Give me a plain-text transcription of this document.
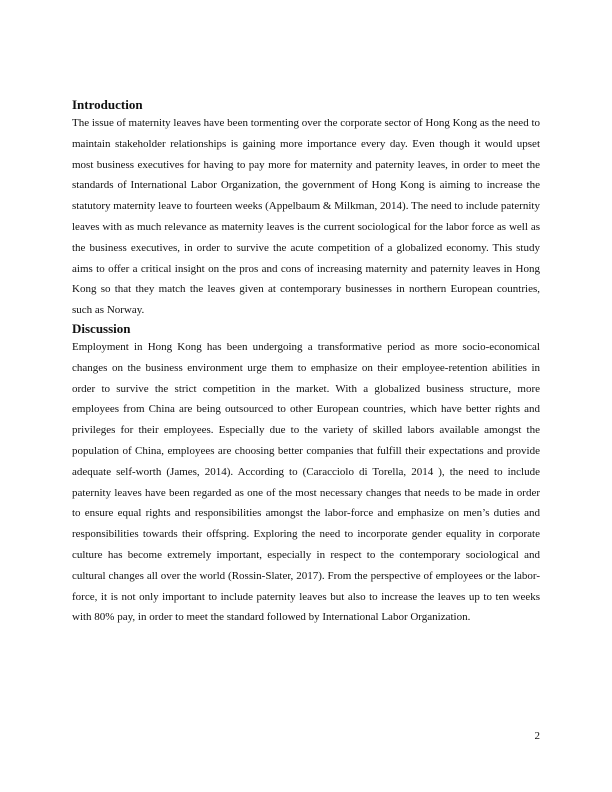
Introduction

The issue of maternity leaves have been tormenting over the corporate sector of Hong Kong as the need to maintain stakeholder relationships is gaining more importance every day. Even though it would upset most business executives for having to pay more for maternity and paternity leaves, in order to meet the standards of International Labor Organization, the government of Hong Kong is aiming to increase the statutory maternity leave to fourteen weeks (Appelbaum & Milkman, 2014). The need to include paternity leaves with as much relevance as maternity leaves is the current sociological for the labor force as well as the business executives, in order to survive the acute competition of a globalized economy. This study aims to offer a critical insight on the pros and cons of increasing maternity and paternity leaves in Hong Kong so that they match the leaves given at contemporary businesses in northern European countries, such as Norway.

Discussion

Employment in Hong Kong has been undergoing a transformative period as more socio-economical changes on the business environment urge them to emphasize on their employee-retention abilities in order to survive the strict competition in the market. With a globalized business structure, more employees from China are being outsourced to other European countries, which have better rights and privileges for their employees. Especially due to the variety of skilled labors available amongst the population of China, employees are choosing better companies that fulfill their expectations and provide adequate self-worth (James, 2014). According to (Caracciolo di Torella, 2014 ), the need to include paternity leaves have been regarded as one of the most necessary changes that needs to be made in order to ensure equal rights and responsibilities amongst the labor-force and emphasize on men’s duties and responsibilities towards their offspring. Exploring the need to incorporate gender equality in corporate culture has become extremely important, especially in respect to the contemporary sociological and cultural changes all over the world (Rossin-Slater, 2017). From the perspective of employees or the labor-force, it is not only important to include paternity leaves but also to increase the leaves up to ten weeks with 80% pay, in order to meet the standard followed by International Labor Organization.

2
